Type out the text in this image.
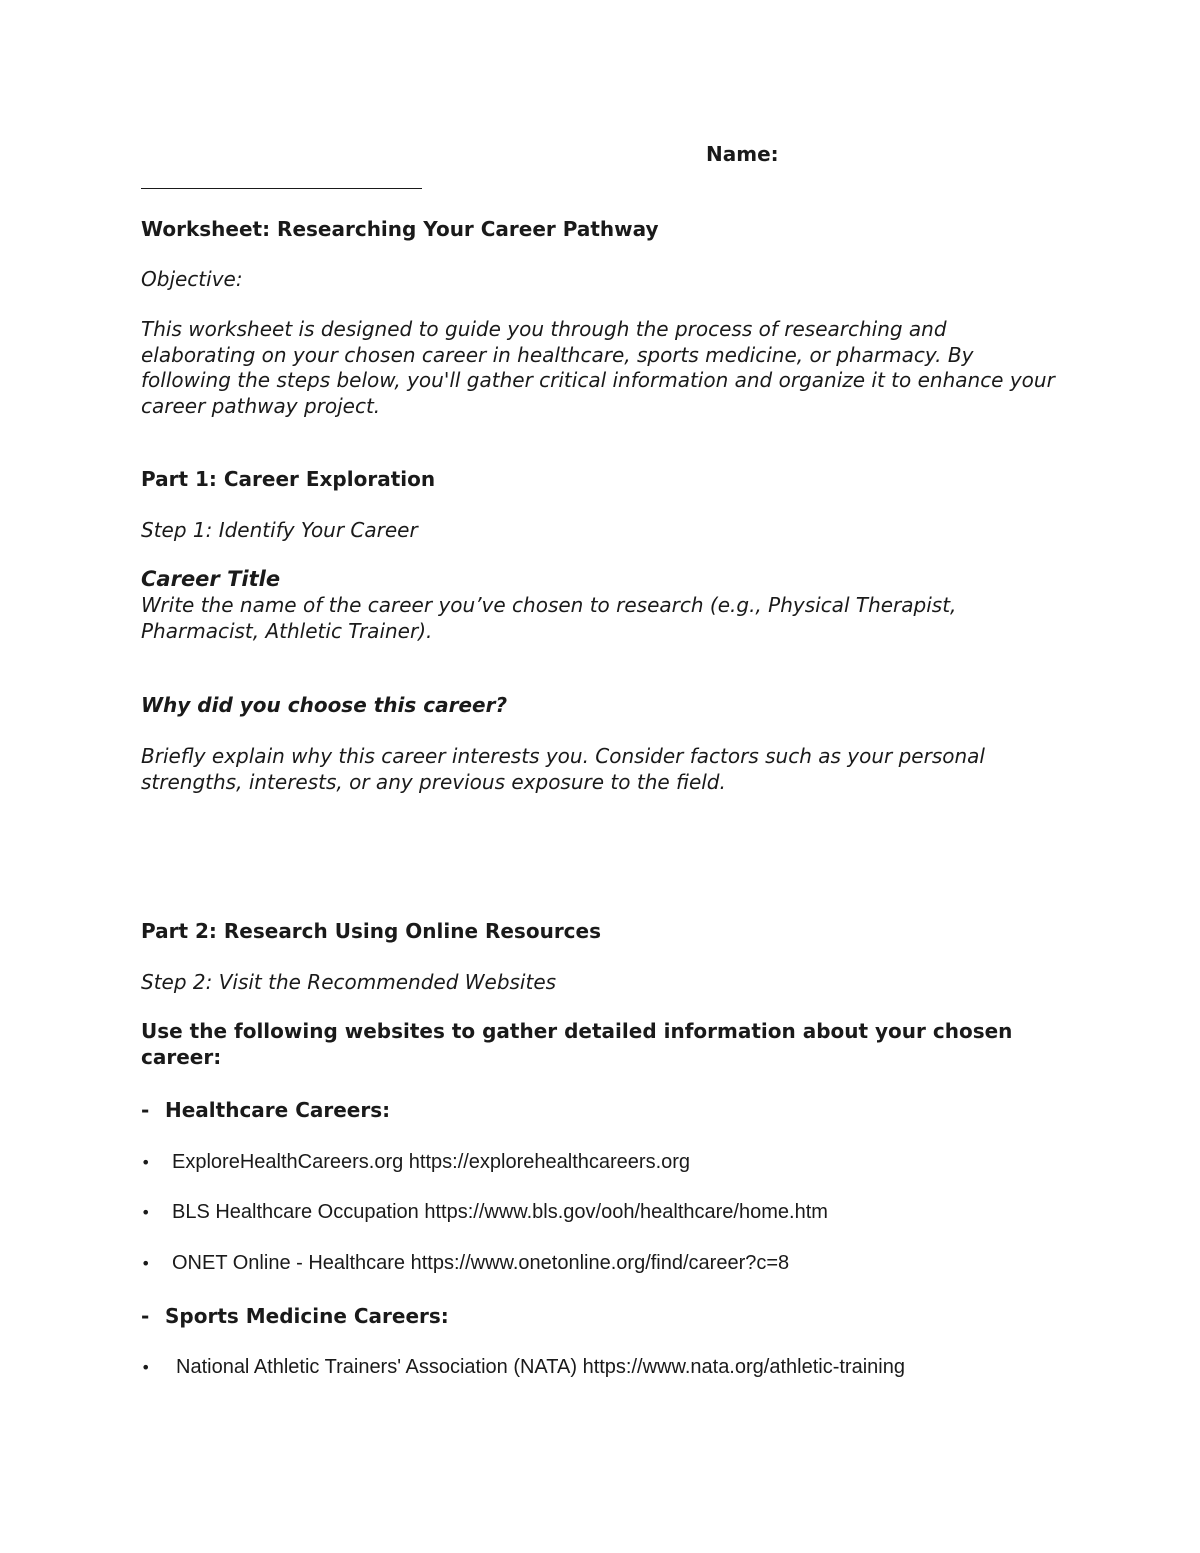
Name:

Worksheet: Researching Your Career Pathway

Objective:

This worksheet is designed to guide you through the process of researching and elaborating on your chosen career in healthcare, sports medicine, or pharmacy. By following the steps below, you'll gather critical information and organize it to enhance your career pathway project.

Part 1: Career Exploration

Step 1: Identify Your Career

Career Title

Write the name of the career you’ve chosen to research (e.g., Physical Therapist, Pharmacist, Athletic Trainer).

Why did you choose this career?

Briefly explain why this career interests you. Consider factors such as your personal strengths, interests, or any previous exposure to the field.

Part 2: Research Using Online Resources

Step 2: Visit the Recommended Websites

Use the following websites to gather detailed information about your chosen career:

- Healthcare Careers:

•	ExploreHealthCareers.org https://explorehealthcareers.org
•	BLS Healthcare Occupation https://www.bls.gov/ooh/healthcare/home.htm
•	ONET Online - Healthcare https://www.onetonline.org/find/career?c=8

- Sports Medicine Careers:

•	National Athletic Trainers' Association (NATA) https://www.nata.org/athletic-training
